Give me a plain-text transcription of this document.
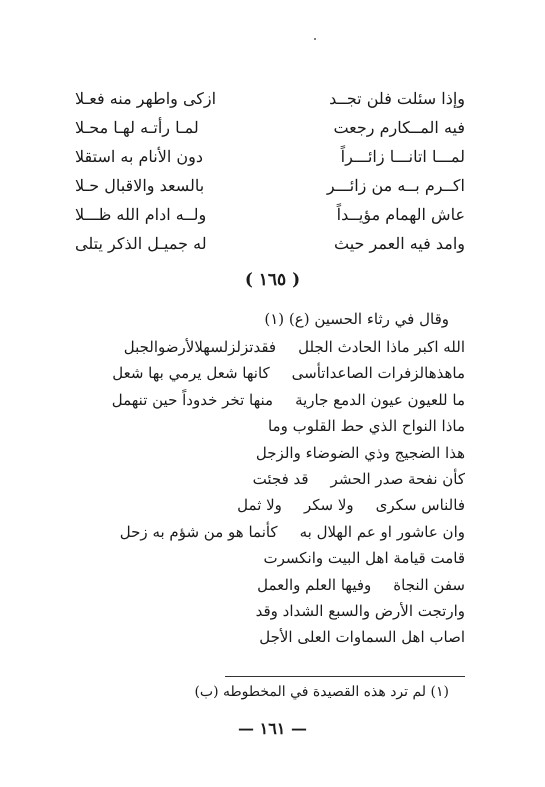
وإذا سئلت فلن تجــد
ازكى واطهر منه فعـلا
فيه المــكارم رجعت
لمـا رأتـه لهـا محـلا
لمـــا اتانـــا زائـــراً
دون الأنام به استقلا
اكــرم بــه من زائـــر
بالسعد والاقبال حـلا
عاش الهمام مؤيــداً
ولــه ادام الله ظـــلا
وامد فيه العمر حيث
له جميـل الذكر يتلى
( ١٦٥ )
وقال في رثاء الحسين (ع) (١)
الله اكبر ماذا الحادث الجلل
فقدتزلزلسهلالأرضوالجبل
ماهذهالزفرات الصاعداتأسى
كانها شعل يرمي بها شعل
ما للعيون عيون الدمع جارية
منها تخر خدوداً حين تنهمل
ماذا النواح الذي حط القلوب وما
هذا الضجيج وذي الضوضاء والزجل
كأن نفحة صدر الحشر
قد فجئت
فالناس سكرى
ولا سكر
ولا ثمل
وان عاشور او عم الهلال به
كأنما هو من شؤم به زحل
قامت قيامة اهل البيت وانكسرت
سفن النجاة
وفيها العلم والعمل
وارتجت الأرض والسبع الشداد وقد
اصاب اهل السماوات العلى الأجل
(١) لم ترد هذه القصيدة في المخطوطه (ب)
— ١٦١ —
